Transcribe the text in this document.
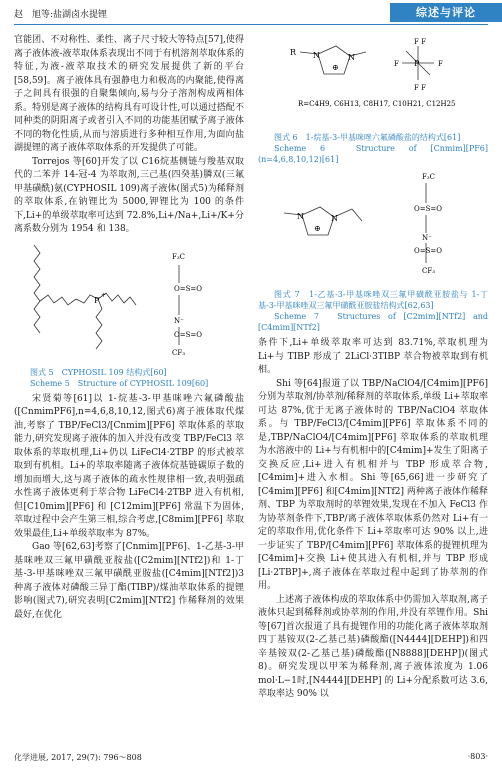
赵　旭等:盐湖卤水提锂	综述与评论

官能团、不对称性、柔性、离子尺寸较大等特点[57],使得离子液体液-液萃取体系表现出不同于有机溶剂萃取体系的特征,为液-液萃取技术的研究发展提供了新的平台[58,59]。离子液体具有强静电力和极高的内聚能,使得离子之间具有很强的自聚集倾向,易与分子溶剂构成两相体系。特别是离子液体的结构具有可设计性,可以通过搭配不同种类的阴阳离子或者引入不同的功能基团赋予离子液体不同的物化性质,从而与溶质进行多种相互作用,为面向盐湖提锂的离子液体萃取体系的开发提供了可能。

Torrejos 等[60]开发了以 C16烷基侧链与羧基双取代的二苯并 14-冠-4 为萃取剂,三己基(四癸基)膦双(三氟甲基磺酰)氨(CYPHOSIL 109)离子液体(图式5)为稀释剂的萃取体系,在钠锂比为 5000,钾锂比为 100 的条件下,Li+的单级萃取率可达到 72.8%,Li+/Na+,Li+/K+分离系数分别为 1954 和 138。

P
+
F₃C
O=S=O
N⁻
O=S=O
CF₃

图式 5　CYPHOSIL 109 结构式[60]

Scheme 5　Structure of CYPHOSIL 109[60]

宋贤菊等[61]以 1-烷基-3-甲基咪唑六氟磷酸盐([CnmimPF6],n=4,6,8,10,12,图式6)离子液体取代煤油,考察了 TBP/FeCl3/[Cnmim][PF6] 萃取体系的萃取能力,研究发现离子液体的加入并没有改变 TBP/FeCl3 萃取体系的萃取机理,Li+仍以 LiFeCl4·2TBP 的形式被萃取到有机相。Li+的萃取率随离子液体烷基链碳原子数的增加而增大,这与离子液体的疏水性规律相一致,表明强疏水性离子液体更利于萃合物 LiFeCl4·2TBP 进入有机相,但[C10mim][PF6] 和 [C12mim][PF6] 常温下为固体,萃取过程中会产生第三相,综合考虑,[C8mim][PF6] 萃取效果最佳,Li+单级萃取率为 87%。

Gao 等[62,63]考察了[Cnmim][PF6]、1-乙基-3-甲基咪唑双三氟甲磺酰亚胺盐([C2mim][NTf2])和 1-丁基-3-甲基咪唑双三氟甲磺酰亚胺盐([C4mim][NTf2])3 种离子液体对磷酸三异丁酯(TIBP)/煤油萃取体系的提锂影响(图式7),研究表明[C2mim][NTf2] 作稀释剂的效果最好,在优化

R N	N
⊕	P
F F
F
F
F F
R=C4H9, C6H13, C8H17, C10H21, C12H25

图式 6　1-烷基-3-甲基咪唑六氟磷酸盐的结构式[61]

Scheme 6　Structure of [Cnmim][PF6] (n=4,6,8,10,12)[61]

N	N
⊕
F₃C
O=S=O
N⁻
O=S=O
CF₃

图式 7　1-乙基-3-甲基咪唑双三氟甲磺酰亚胺盐与 1-丁基-3-甲基咪唑双三氟甲磺酰亚胺盐结构式[62,63]

Scheme 7　Structures of [C2mim][NTf2] and [C4mim][NTf2]

条件下,Li+单级萃取率可达到 83.71%,萃取机理为 Li+与 TIBP 形成了 2LiCl·3TIBP 萃合物被萃取到有机相。

Shi 等[64]报道了以 TBP/NaClO4/[C4mim][PF6] 分别为萃取剂/协萃剂/稀释剂的萃取体系,单级 Li+萃取率可达 87%,优于无离子液体时的 TBP/NaClO4 萃取体系。与 TBP/FeCl3/[C4mim][PF6] 萃取体系不同的是,TBP/NaClO4/[C4mim][PF6] 萃取体系的萃取机理为水溶液中的 Li+与有机相中的[C4mim]+发生了阳离子交换反应,Li+进入有机相并与 TBP 形成萃合物,[C4mim]+进入水相。Shi 等[65,66]进一步研究了[C4mim][PF6] 和[C4mim][NTf2] 两种离子液体作稀释剂、TBP 为萃取剂时的萃锂效果,发现在不加入 FeCl3 作为协萃剂条件下,TBP/离子液体萃取体系仍然对 Li+有一定的萃取作用,优化条件下 Li+萃取率可达 90% 以上,进一步证实了 TBP/[C4mim][PF6] 萃取体系的提锂机理为[C4mim]+交换 Li+使其进入有机相,并与 TBP 形成[Li·2TBP]+,离子液体在萃取过程中起到了协萃剂的作用。

上述离子液体构成的萃取体系中仍需加入萃取剂,离子液体只起到稀释剂或协萃剂的作用,并没有萃锂作用。Shi 等[67]首次报道了具有提锂作用的功能化离子液体萃取剂四丁基铵双(2-乙基己基)磷酸酯([N4444][DEHP])和四辛基铵双(2-乙基己基)磷酸酯([N8888][DEHP])(图式8)。研究发现以甲苯为稀释剂,离子液体浓度为 1.06 mol·L−1时,[N4444][DEHP] 的 Li+分配系数可达 3.6,萃取率达 90% 以

化学进展, 2017, 29(7): 796～808	·803·
